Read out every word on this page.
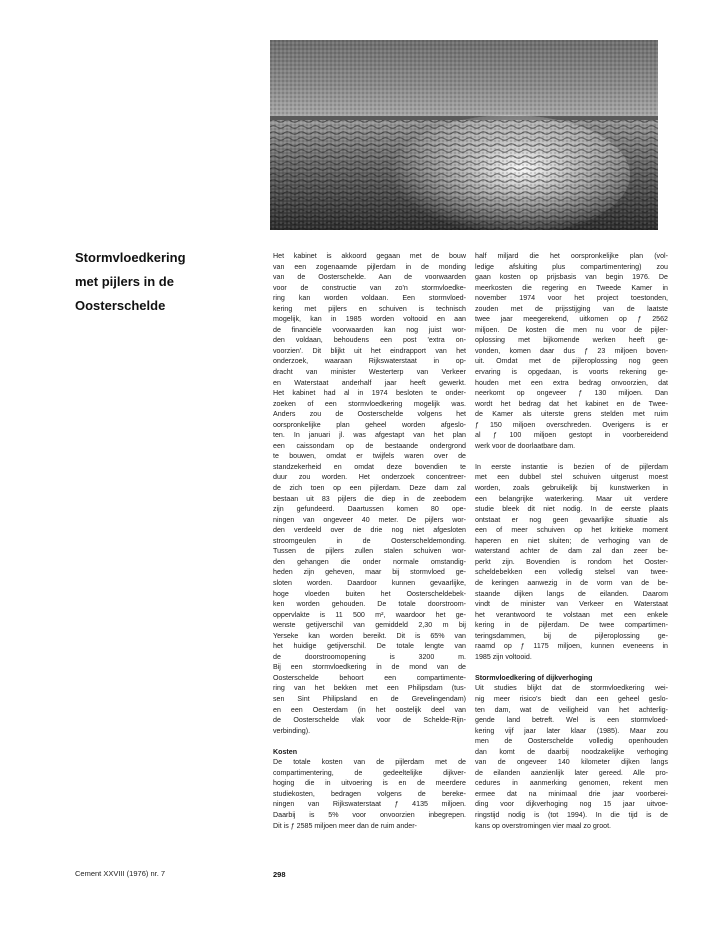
Stormvloedkering
met pijlers in de
Oosterschelde
Het kabinet is akkoord gegaan met de bouw
van een zogenaamde pijlerdam in de monding
van de Oosterschelde. Aan de voorwaarden
voor de constructie van zo'n stormvloedke-
ring kan worden voldaan. Een stormvloed-
kering met pijlers en schuiven is technisch
mogelijk, kan in 1985 worden voltooid en aan
de financiële voorwaarden kan nog juist wor-
den voldaan, behoudens een post 'extra on-
voorzien'. Dit blijkt uit het eindrapport van het
onderzoek, waaraan Rijkswaterstaat in op-
dracht van minister Westerterp van Verkeer
en Waterstaat anderhalf jaar heeft gewerkt.
Het kabinet had al in 1974 besloten te onder-
zoeken of een stormvloedkering mogelijk was.
Anders zou de Oosterschelde volgens het
oorspronkelijke plan geheel worden afgeslo-
ten. In januari jl. was afgestapt van het plan
een caissondam op de bestaande ondergrond
te bouwen, omdat er twijfels waren over de
standzekerheid en omdat deze bovendien te
duur zou worden. Het onderzoek concentreer-
de zich toen op een pijlerdam. Deze dam zal
bestaan uit 83 pijlers die diep in de zeebodem
zijn gefundeerd. Daartussen komen 80 ope-
ningen van ongeveer 40 meter. De pijlers wor-
den verdeeld over de drie nog niet afgesloten
stroomgeulen in de Oosterscheldemonding.
Tussen de pijlers zullen stalen schuiven wor-
den gehangen die onder normale omstandig-
heden zijn geheven, maar bij stormvloed ge-
sloten worden. Daardoor kunnen gevaarlijke,
hoge vloeden buiten het Oosterscheldebek-
ken worden gehouden. De totale doorstroom-
oppervlakte is 11 500 m², waardoor het ge-
wenste getijverschil van gemiddeld 2,30 m bij
Yerseke kan worden bereikt. Dit is 65% van
het huidige getijverschil. De totale lengte van
de doorstroomopening is 3200 m.
Bij een stormvloedkering in de mond van de
Oosterschelde behoort een compartimente-
ring van het bekken met een Philipsdam (tus-
sen Sint Philipsland en de Grevelingendam)
en een Oesterdam (in het oostelijk deel van
de Oosterschelde vlak voor de Schelde-Rijn-
verbinding).
Kosten
De totale kosten van de pijlerdam met de
compartimentering, de gedeeltelijke dijkver-
hoging die in uitvoering is en de meerdere
studiekosten, bedragen volgens de bereke-
ningen van Rijkswaterstaat ƒ 4135 miljoen.
Daarbij is 5% voor onvoorzien inbegrepen.
Dit is ƒ 2585 miljoen meer dan de ruim ander-
half miljard die het oorspronkelijke plan (vol-
ledige afsluiting plus compartimentering) zou
gaan kosten op prijsbasis van begin 1976. De
meerkosten die regering en Tweede Kamer in
november 1974 voor het project toestonden,
zouden met de prijsstijging van de laatste
twee jaar meegerekend, uitkomen op ƒ 2562
miljoen. De kosten die men nu voor de pijler-
oplossing met bijkomende werken heeft ge-
vonden, komen daar dus ƒ 23 miljoen boven-
uit. Omdat met de pijleroplossing nog geen
ervaring is opgedaan, is voorts rekening ge-
houden met een extra bedrag onvoorzien, dat
neerkomt op ongeveer ƒ 130 miljoen. Dan
wordt het bedrag dat het kabinet en de Twee-
de Kamer als uiterste grens stelden met ruim
ƒ 150 miljoen overschreden. Overigens is er
al ƒ 100 miljoen gestopt in voorbereidend
werk voor de doorlaatbare dam.
In eerste instantie is bezien of de pijlerdam
met een dubbel stel schuiven uitgerust moest
worden, zoals gebruikelijk bij kunstwerken in
een belangrijke waterkering. Maar uit verdere
studie bleek dit niet nodig. In de eerste plaats
ontstaat er nog geen gevaarlijke situatie als
een of meer schuiven op het kritieke moment
haperen en niet sluiten; de verhoging van de
waterstand achter de dam zal dan zeer be-
perkt zijn. Bovendien is rondom het Ooster-
scheldebekken een volledig stelsel van twee-
de keringen aanwezig in de vorm van de be-
staande dijken langs de eilanden. Daarom
vindt de minister van Verkeer en Waterstaat
het verantwoord te volstaan met een enkele
kering in de pijlerdam. De twee compartimen-
teringsdammen, bij de pijleroplossing ge-
raamd op ƒ 1175 miljoen, kunnen eveneens in
1985 zijn voltooid.
Stormvloedkering of dijkverhoging
Uit studies blijkt dat de stormvloedkering wei-
nig meer risico's biedt dan een geheel geslo-
ten dam, wat de veiligheid van het achterlig-
gende land betreft. Wel is een stormvloed-
kering vijf jaar later klaar (1985). Maar zou
men de Oosterschelde volledig openhouden
dan komt de daarbij noodzakelijke verhoging
van de ongeveer 140 kilometer dijken langs
de eilanden aanzienlijk later gereed. Alle pro-
cedures in aanmerking genomen, rekent men
ermee dat na minimaal drie jaar voorberei-
ding voor dijkverhoging nog 15 jaar uitvoe-
ringstijd nodig is (tot 1994). In die tijd is de
kans op overstromingen vier maal zo groot.
Cement XXVIII (1976) nr. 7	298
